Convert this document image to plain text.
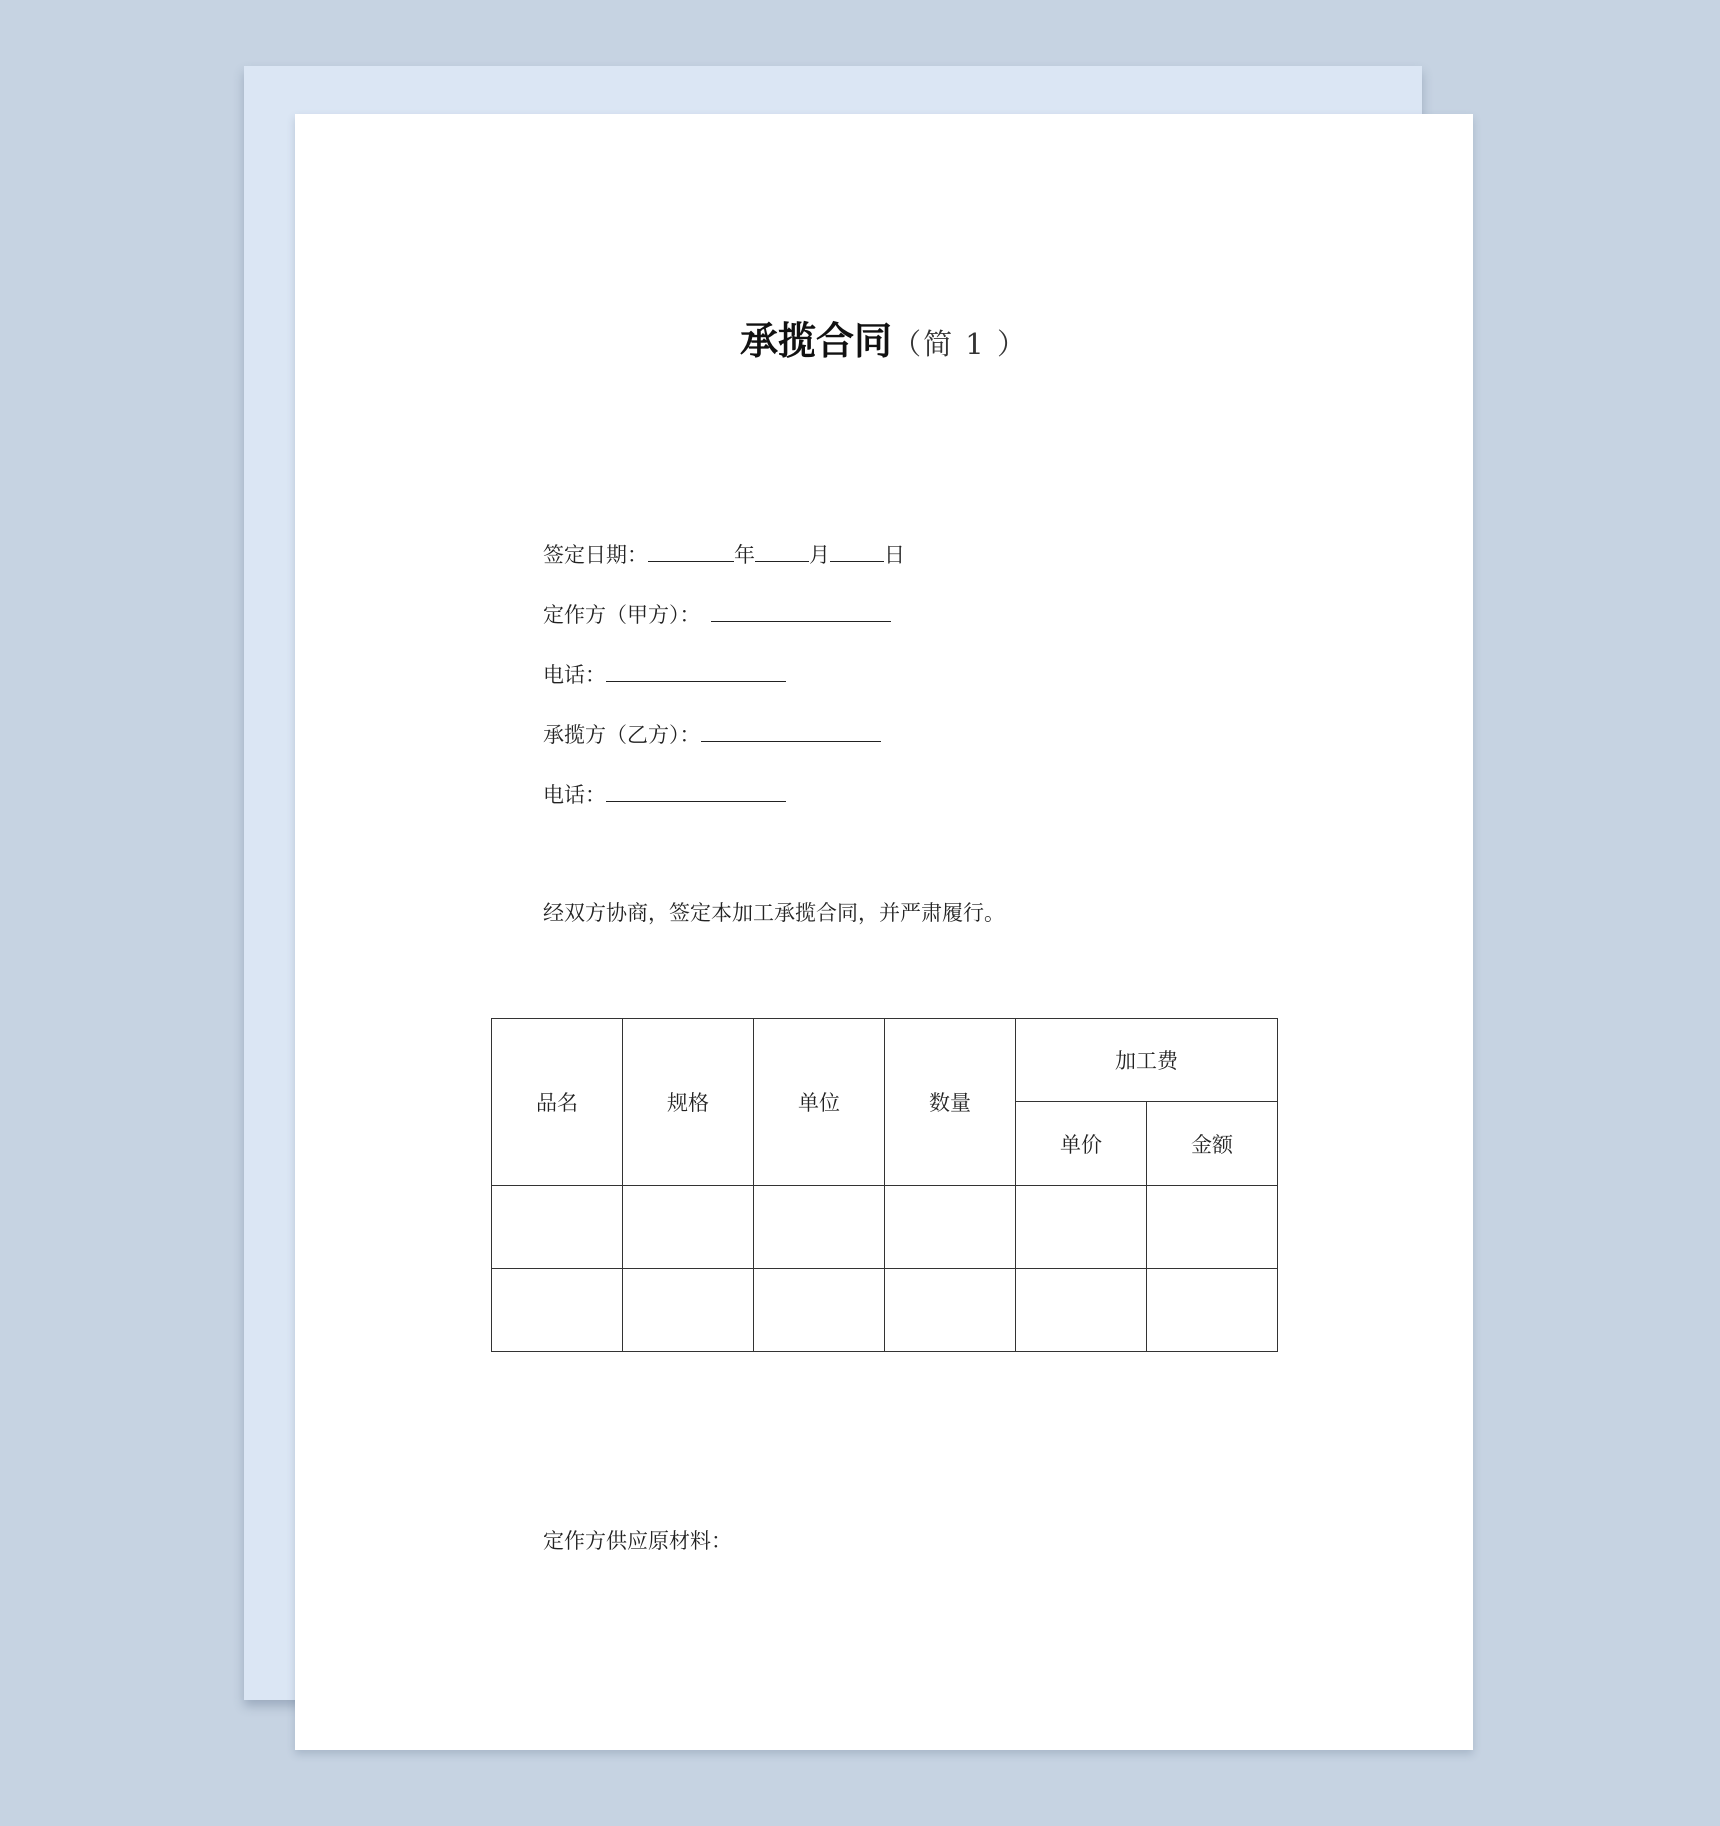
承揽合同（简 1 ）
签定日期：	年	月	日
定作方（甲方）：
电话：
承揽方（乙方）：
电话：
经双方协商，签定本加工承揽合同，并严肃履行。
品名	规格	单位	数量	加工费	
				单价	金额

定作方供应原材料：
